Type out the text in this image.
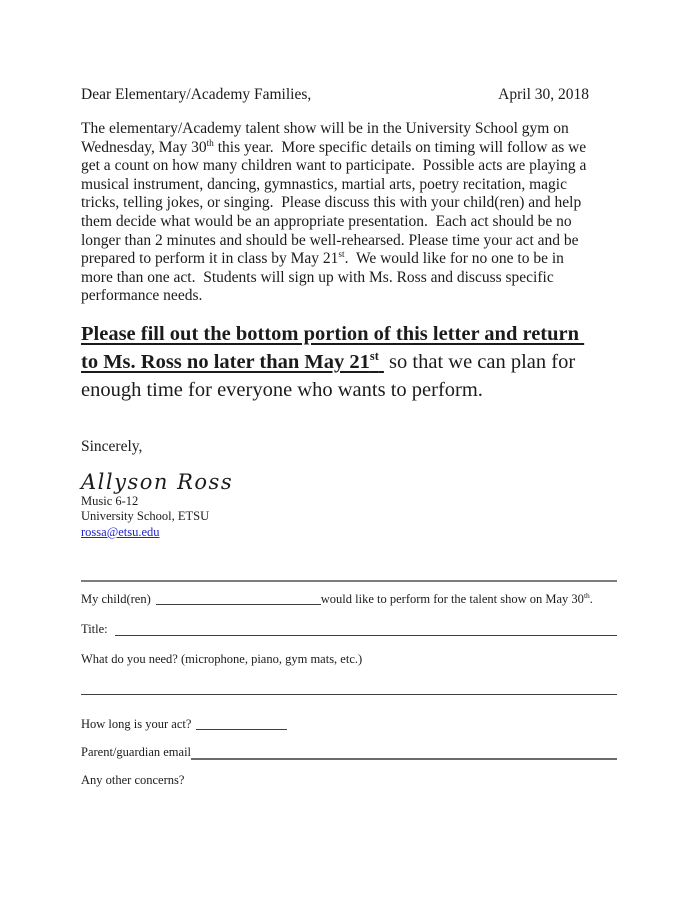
Dear Elementary/Academy Families,	April 30, 2018

The elementary/Academy talent show will be in the University School gym on Wednesday, May 30th this year.  More specific details on timing will follow as we get a count on how many children want to participate.  Possible acts are playing a musical instrument, dancing, gymnastics, martial arts, poetry recitation, magic tricks, telling jokes, or singing.  Please discuss this with your child(ren) and help them decide what would be an appropriate presentation.  Each act should be no longer than 2 minutes and should be well-rehearsed. Please time your act and be prepared to perform it in class by May 21st.  We would like for no one to be in more than one act.  Students will sign up with Ms. Ross and discuss specific performance needs.

Please fill out the bottom portion of this letter and return to Ms. Ross no later than May 21st so that we can plan for enough time for everyone who wants to perform.

Sincerely,

Allyson Ross

Music 6-12
University School, ETSU
rossa@etsu.edu
My child(ren)	would like to perform for the talent show on May 30th.
Title:
What do you need? (microphone, piano, gym mats, etc.)
How long is your act?
Parent/guardian email
Any other concerns?
